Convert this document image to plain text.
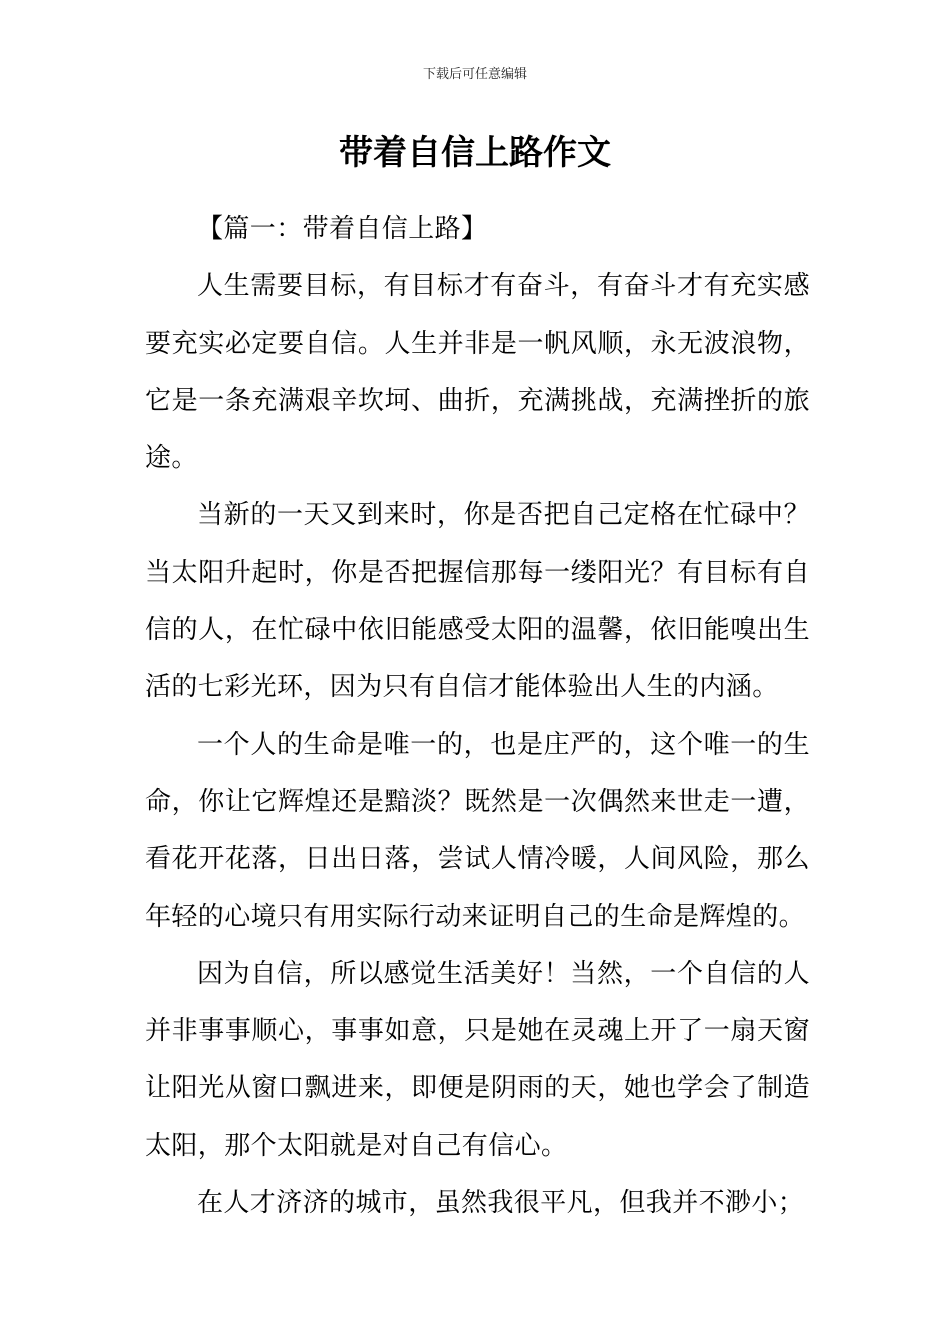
下载后可任意编辑
带着自信上路作文
【篇一：带着自信上路】

人生需要目标，有目标才有奋斗，有奋斗才有充实感要充实必定要自信。人生并非是一帆风顺，永无波浪物，它是一条充满艰辛坎坷、曲折，充满挑战，充满挫折的旅途。

当新的一天又到来时，你是否把自己定格在忙碌中？当太阳升起时，你是否把握信那每一缕阳光？有目标有自信的人，在忙碌中依旧能感受太阳的温馨，依旧能嗅出生活的七彩光环，因为只有自信才能体验出人生的内涵。

一个人的生命是唯一的，也是庄严的，这个唯一的生命，你让它辉煌还是黯淡？既然是一次偶然来世走一遭，看花开花落，日出日落，尝试人情冷暖，人间风险，那么年轻的心境只有用实际行动来证明自己的生命是辉煌的。

因为自信，所以感觉生活美好！当然，一个自信的人并非事事顺心，事事如意，只是她在灵魂上开了一扇天窗让阳光从窗口飘进来，即便是阴雨的天，她也学会了制造太阳，那个太阳就是对自己有信心。

在人才济济的城市，虽然我很平凡，但我并不渺小；
